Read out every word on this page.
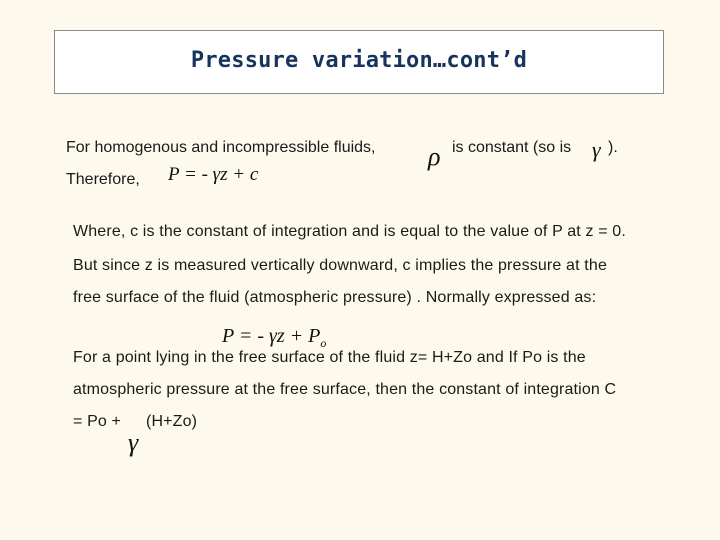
Pressure variation…cont’d
For homogenous and incompressible fluids, ρ is constant (so is γ ).
Therefore, P = - γz + c
Where, c is the constant of integration and is equal to the value of P at z = 0.
But since z is measured vertically downward, c implies the pressure at the
free surface of the fluid (atmospheric pressure) . Normally expressed as:
P = - $\gamma z + P_o$
For a point lying in the free surface of the fluid z= H+Zo and If Po is the
atmospheric pressure at the free surface, then the constant of integration C
= Po + (H+Zo)
γ
